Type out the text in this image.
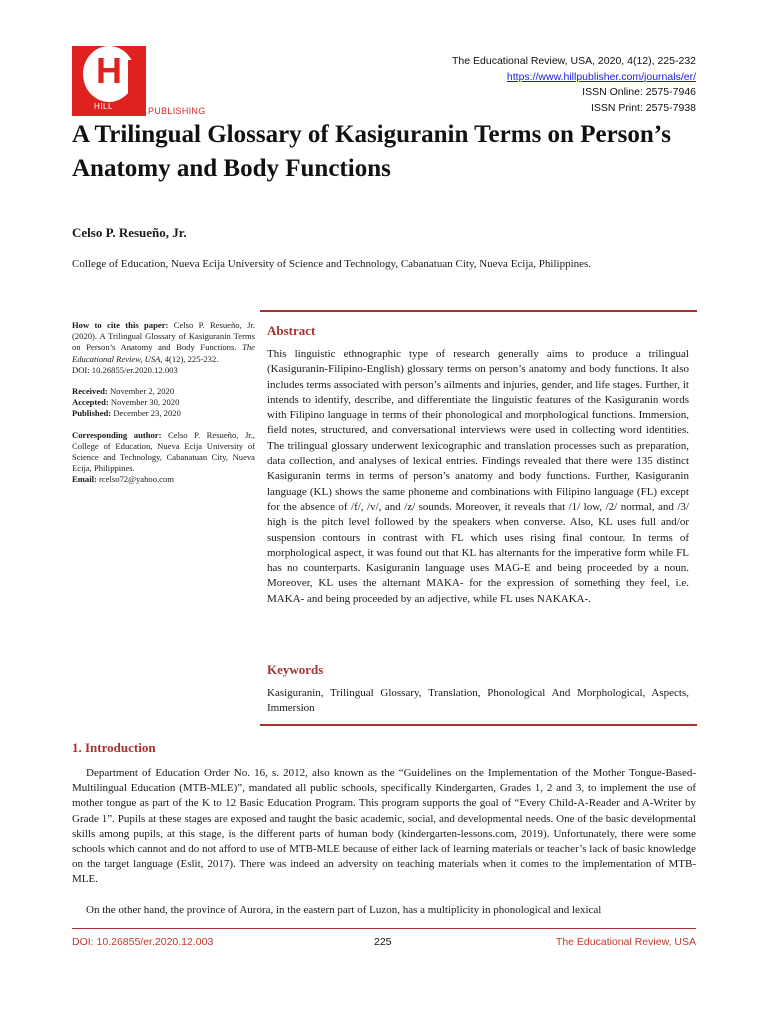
H
HILL	PUBLISHING
The Educational Review, USA, 2020, 4(12), 225-232
https://www.hillpublisher.com/journals/er/
ISSN Online: 2575-7946
ISSN Print: 2575-7938
A Trilingual Glossary of Kasiguranin Terms on Person’s Anatomy and Body Functions
Celso P. Resueño, Jr.
College of Education, Nueva Ecija University of Science and Technology, Cabanatuan City, Nueva Ecija, Philippines.

How to cite this paper: Celso P. Resueño, Jr. (2020). A Trilingual Glossary of Kasiguranin Terms on Person’s Anatomy and Body Functions. The Educational Review, USA, 4(12), 225-232.
DOI: 10.26855/er.2020.12.003

Received: November 2, 2020
Accepted: November 30, 2020
Published: December 23, 2020

Corresponding author: Celso P. Resueño, Jr., College of Education, Nueva Ecija University of Science and Technology, Cabanatuan City, Nueva Ecija, Philippines.
Email: rcelso72@yahoo.com

Abstract

This linguistic ethnographic type of research generally aims to produce a trilingual (Kasiguranin-Filipino-English) glossary terms on person’s anatomy and body functions. It also includes terms associated with person’s ailments and injuries, gender, and life stages. Further, it intends to identify, describe, and differentiate the linguistic features of the Kasiguranin words with Filipino language in terms of their phonological and morphological functions. Immersion, field notes, structured, and conversational interviews were used in collecting word identities. The trilingual glossary underwent lexicographic and translation processes such as preparation, data collection, and analyses of lexical entries. Findings revealed that there were 135 distinct Kasiguranin terms in terms of person’s anatomy and body functions. Further, Kasiguranin language (KL) shows the same phoneme and combinations with Filipino language (FL) except for the absence of /f/, /v/, and /z/ sounds. Moreover, it reveals that /1/ low, /2/ normal, and /3/ high is the pitch level followed by the speakers when converse. Also, KL uses full and/or suspension contours in contrast with FL which uses rising final contour. In terms of morphological aspect, it was found out that KL has alternants for the imperative form while FL has no counterparts. Kasiguranin language uses MAG-E and being proceeded by a noun. Moreover, KL uses the alternant MAKA- for the expression of something they feel, i.e. MAKA- and being proceeded by an adjective, while FL uses NAKAKA-.

Keywords

Kasiguranin, Trilingual Glossary, Translation, Phonological And Morphological, Aspects, Immersion

1. Introduction

Department of Education Order No. 16, s. 2012, also known as the “Guidelines on the Implementation of the Mother Tongue-Based-Multilingual Education (MTB-MLE)”, mandated all public schools, specifically Kindergarten, Grades 1, 2 and 3, to implement the use of mother tongue as part of the K to 12 Basic Education Program. This program supports the goal of “Every Child-A-Reader and A-Writer by Grade 1”. Pupils at these stages are exposed and taught the basic academic, social, and developmental needs. One of the basic developmental skills among pupils, at this stage, is the different parts of human body (kindergarten-lessons.com, 2019). Unfortunately, there were some schools which cannot and do not afford to use of MTB-MLE because of either lack of learning materials or teacher’s lack of basic knowledge on the target language (Eslit, 2017). There was indeed an adversity on teaching materials when it comes to the implementation of MTB-MLE.

On the other hand, the province of Aurora, in the eastern part of Luzon, has a multiplicity in phonological and lexical

DOI: 10.26855/er.2020.12.003	225	The Educational Review, USA
